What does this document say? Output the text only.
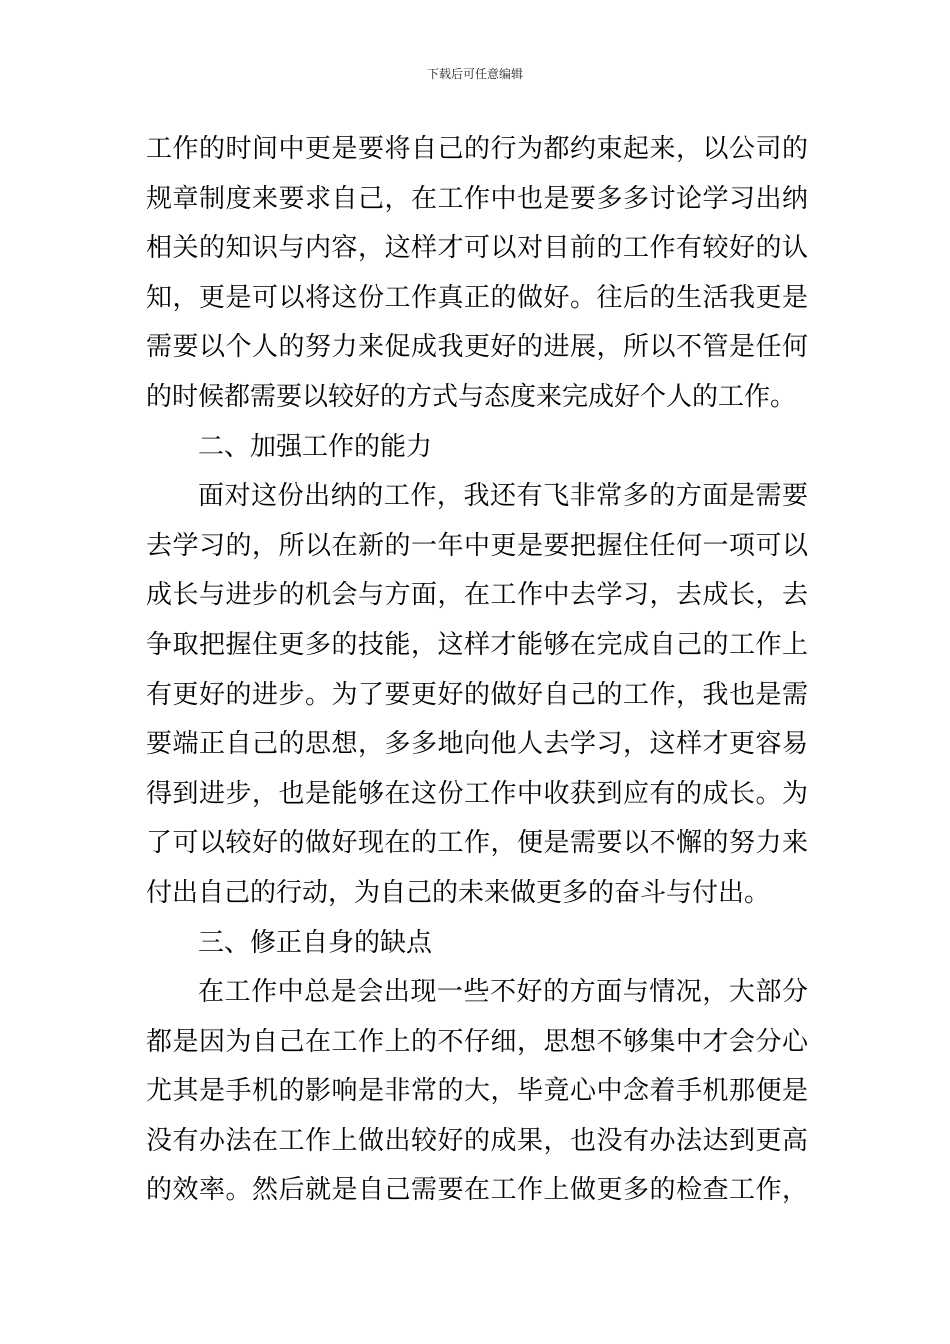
下载后可任意编辑
工作的时间中更是要将自己的行为都约束起来，以公司的
规章制度来要求自己，在工作中也是要多多讨论学习出纳
相关的知识与内容，这样才可以对目前的工作有较好的认
知，更是可以将这份工作真正的做好。往后的生活我更是
需要以个人的努力来促成我更好的进展，所以不管是任何
的时候都需要以较好的方式与态度来完成好个人的工作。
二、加强工作的能力
面对这份出纳的工作，我还有飞非常多的方面是需要
去学习的，所以在新的一年中更是要把握住任何一项可以
成长与进步的机会与方面，在工作中去学习，去成长，去
争取把握住更多的技能，这样才能够在完成自己的工作上
有更好的进步。为了要更好的做好自己的工作，我也是需
要端正自己的思想，多多地向他人去学习，这样才更容易
得到进步，也是能够在这份工作中收获到应有的成长。为
了可以较好的做好现在的工作，便是需要以不懈的努力来
付出自己的行动，为自己的未来做更多的奋斗与付出。
三、修正自身的缺点
在工作中总是会出现一些不好的方面与情况，大部分
都是因为自己在工作上的不仔细，思想不够集中才会分心
尤其是手机的影响是非常的大，毕竟心中念着手机那便是
没有办法在工作上做出较好的成果，也没有办法达到更高
的效率。然后就是自己需要在工作上做更多的检查工作，
